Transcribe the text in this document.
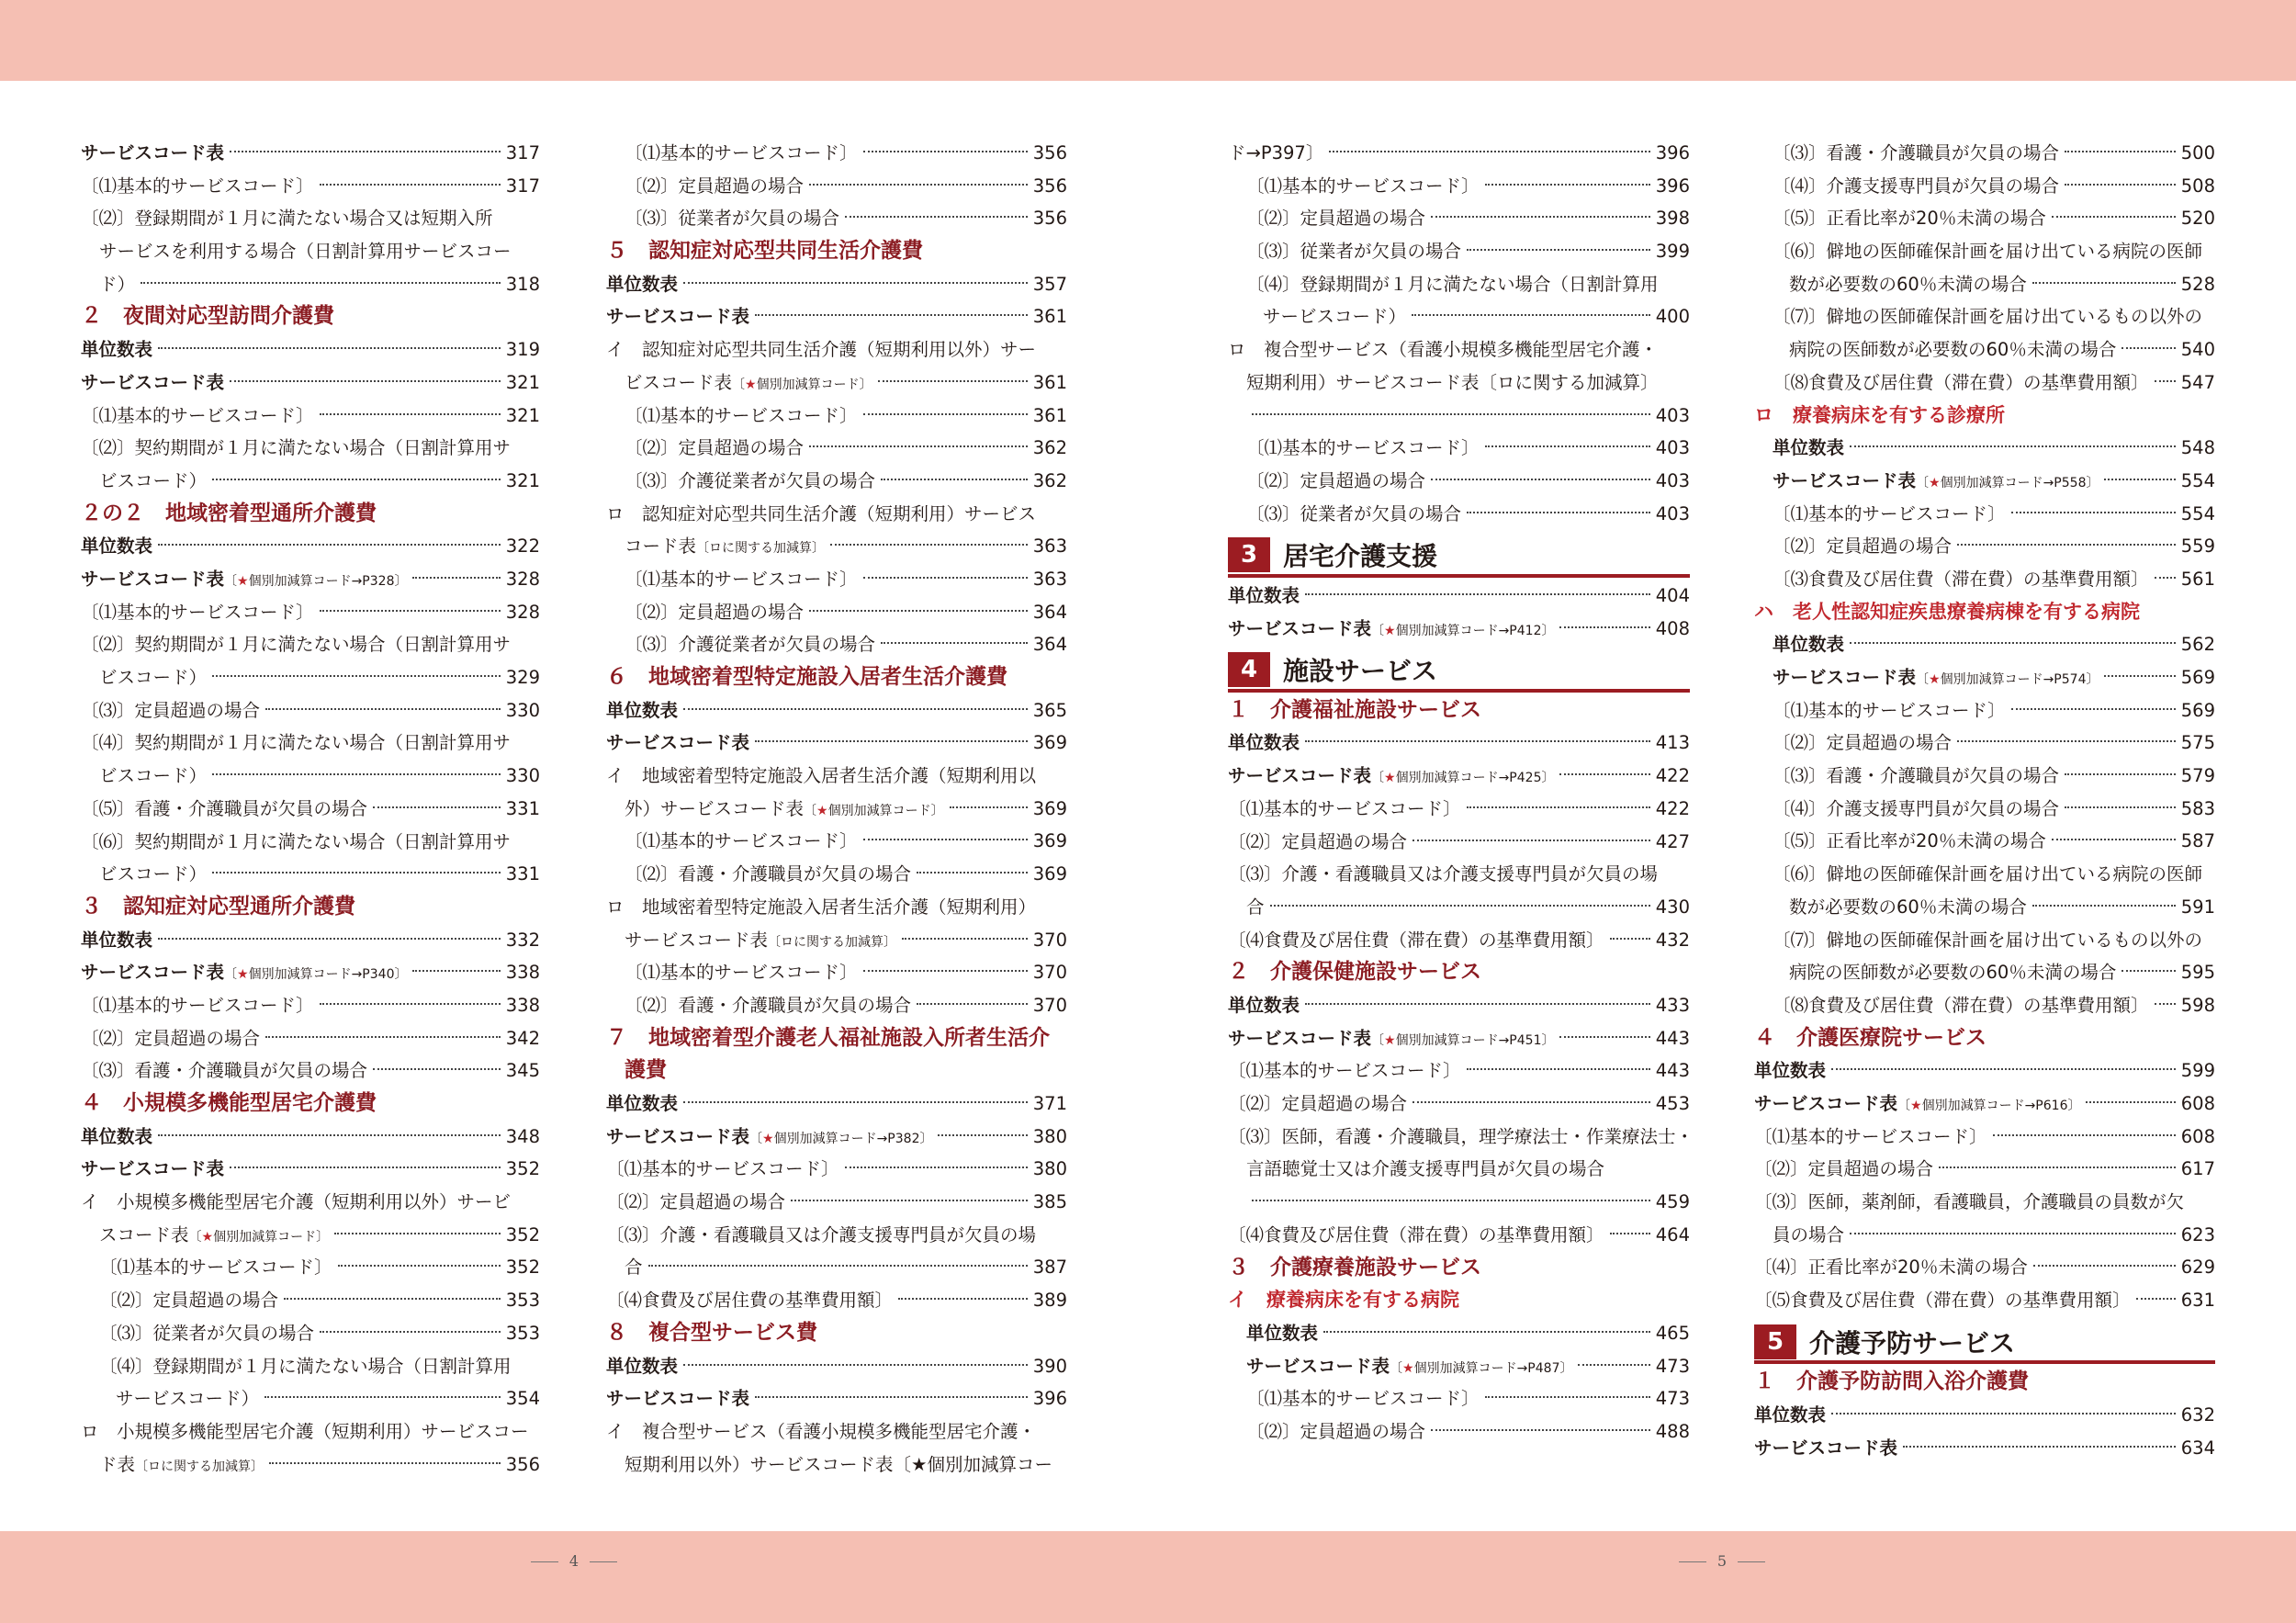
サービスコード表	317
〔⑴基本的サービスコード〕	317
〔⑵〕登録期間が１月に満たない場合又は短期入所
サービスを利用する場合（日割計算用サービスコー
ド）	318
２　夜間対応型訪問介護費
単位数表	319
サービスコード表	321
〔⑴基本的サービスコード〕	321
〔⑵〕契約期間が１月に満たない場合（日割計算用サ
ビスコード）	321
２の２　地域密着型通所介護費
単位数表	322
サービスコード表 〔★個別加減算コード→P328〕	328
〔⑴基本的サービスコード〕	328
〔⑵〕契約期間が１月に満たない場合（日割計算用サ
ビスコード）	329
〔⑶〕定員超過の場合	330
〔⑷〕契約期間が１月に満たない場合（日割計算用サ
ビスコード）	330
〔⑸〕看護・介護職員が欠員の場合	331
〔⑹〕契約期間が１月に満たない場合（日割計算用サ
ビスコード）	331
３　認知症対応型通所介護費
単位数表	332
サービスコード表 〔★個別加減算コード→P340〕	338
〔⑴基本的サービスコード〕	338
〔⑵〕定員超過の場合	342
〔⑶〕看護・介護職員が欠員の場合	345
４　小規模多機能型居宅介護費
単位数表	348
サービスコード表	352
イ　小規模多機能型居宅介護（短期利用以外）サービ
スコード表 〔★個別加減算コード〕	352
〔⑴基本的サービスコード〕	352
〔⑵〕定員超過の場合	353
〔⑶〕従業者が欠員の場合	353
〔⑷〕登録期間が１月に満たない場合（日割計算用
サービスコード）	354
ロ　小規模多機能型居宅介護（短期利用）サービスコー
ド表 〔ロに関する加減算〕	356
〔⑴基本的サービスコード〕	356
〔⑵〕定員超過の場合	356
〔⑶〕従業者が欠員の場合	356
５　認知症対応型共同生活介護費
単位数表	357
サービスコード表	361
イ　認知症対応型共同生活介護（短期利用以外）サー
ビスコード表 〔★個別加減算コード〕	361
〔⑴基本的サービスコード〕	361
〔⑵〕定員超過の場合	362
〔⑶〕介護従業者が欠員の場合	362
ロ　認知症対応型共同生活介護（短期利用）サービス
コード表 〔ロに関する加減算〕	363
〔⑴基本的サービスコード〕	363
〔⑵〕定員超過の場合	364
〔⑶〕介護従業者が欠員の場合	364
６　地域密着型特定施設入居者生活介護費
単位数表	365
サービスコード表	369
イ　地域密着型特定施設入居者生活介護（短期利用以
外）サービスコード表 〔★個別加減算コード〕	369
〔⑴基本的サービスコード〕	369
〔⑵〕看護・介護職員が欠員の場合	369
ロ　地域密着型特定施設入居者生活介護（短期利用）
サービスコード表 〔ロに関する加減算〕	370
〔⑴基本的サービスコード〕	370
〔⑵〕看護・介護職員が欠員の場合	370
７　地域密着型介護老人福祉施設入所者生活介
護費
単位数表	371
サービスコード表 〔★個別加減算コード→P382〕	380
〔⑴基本的サービスコード〕	380
〔⑵〕定員超過の場合	385
〔⑶〕介護・看護職員又は介護支援専門員が欠員の場
合	387
〔⑷食費及び居住費の基準費用額〕	389
８　複合型サービス費
単位数表	390
サービスコード表	396
イ　複合型サービス（看護小規模多機能型居宅介護・
短期利用以外）サービスコード表〔★個別加減算コー
ド→P397〕	396
〔⑴基本的サービスコード〕	396
〔⑵〕定員超過の場合	398
〔⑶〕従業者が欠員の場合	399
〔⑷〕登録期間が１月に満たない場合（日割計算用
サービスコード）	400
ロ　複合型サービス（看護小規模多機能型居宅介護・
短期利用）サービスコード表〔ロに関する加減算〕
403
〔⑴基本的サービスコード〕	403
〔⑵〕定員超過の場合	403
〔⑶〕従業者が欠員の場合	403
3 居宅介護支援
単位数表	404
サービスコード表 〔★個別加減算コード→P412〕	408
4 施設サービス
１　介護福祉施設サービス
単位数表	413
サービスコード表 〔★個別加減算コード→P425〕	422
〔⑴基本的サービスコード〕	422
〔⑵〕定員超過の場合	427
〔⑶〕介護・看護職員又は介護支援専門員が欠員の場
合	430
〔⑷食費及び居住費（滞在費）の基準費用額〕	432
２　介護保健施設サービス
単位数表	433
サービスコード表 〔★個別加減算コード→P451〕	443
〔⑴基本的サービスコード〕	443
〔⑵〕定員超過の場合	453
〔⑶〕医師，看護・介護職員，理学療法士・作業療法士・
言語聴覚士又は介護支援専門員が欠員の場合
459
〔⑷食費及び居住費（滞在費）の基準費用額〕	464
３　介護療養施設サービス
イ　療養病床を有する病院
単位数表	465
サービスコード表 〔★個別加減算コード→P487〕	473
〔⑴基本的サービスコード〕	473
〔⑵〕定員超過の場合	488
〔⑶〕看護・介護職員が欠員の場合	500
〔⑷〕介護支援専門員が欠員の場合	508
〔⑸〕正看比率が20％未満の場合	520
〔⑹〕僻地の医師確保計画を届け出ている病院の医師
数が必要数の60％未満の場合	528
〔⑺〕僻地の医師確保計画を届け出ているもの以外の
病院の医師数が必要数の60％未満の場合	540
〔⑻食費及び居住費（滞在費）の基準費用額〕 547
ロ　療養病床を有する診療所
単位数表	548
サービスコード表 〔★個別加減算コード→P558〕	554
〔⑴基本的サービスコード〕	554
〔⑵〕定員超過の場合	559
〔⑶食費及び居住費（滞在費）の基準費用額〕 561
ハ　老人性認知症疾患療養病棟を有する病院
単位数表	562
サービスコード表 〔★個別加減算コード→P574〕	569
〔⑴基本的サービスコード〕	569
〔⑵〕定員超過の場合	575
〔⑶〕看護・介護職員が欠員の場合	579
〔⑷〕介護支援専門員が欠員の場合	583
〔⑸〕正看比率が20％未満の場合	587
〔⑹〕僻地の医師確保計画を届け出ている病院の医師
数が必要数の60％未満の場合	591
〔⑺〕僻地の医師確保計画を届け出ているもの以外の
病院の医師数が必要数の60％未満の場合	595
〔⑻食費及び居住費（滞在費）の基準費用額〕 598
４　介護医療院サービス
単位数表	599
サービスコード表 〔★個別加減算コード→P616〕	608
〔⑴基本的サービスコード〕	608
〔⑵〕定員超過の場合	617
〔⑶〕医師，薬剤師，看護職員，介護職員の員数が欠
員の場合	623
〔⑷〕正看比率が20％未満の場合	629
〔⑸食費及び居住費（滞在費）の基準費用額〕	631
5 介護予防サービス
１　介護予防訪問入浴介護費
単位数表	632
サービスコード表	634
4	5
